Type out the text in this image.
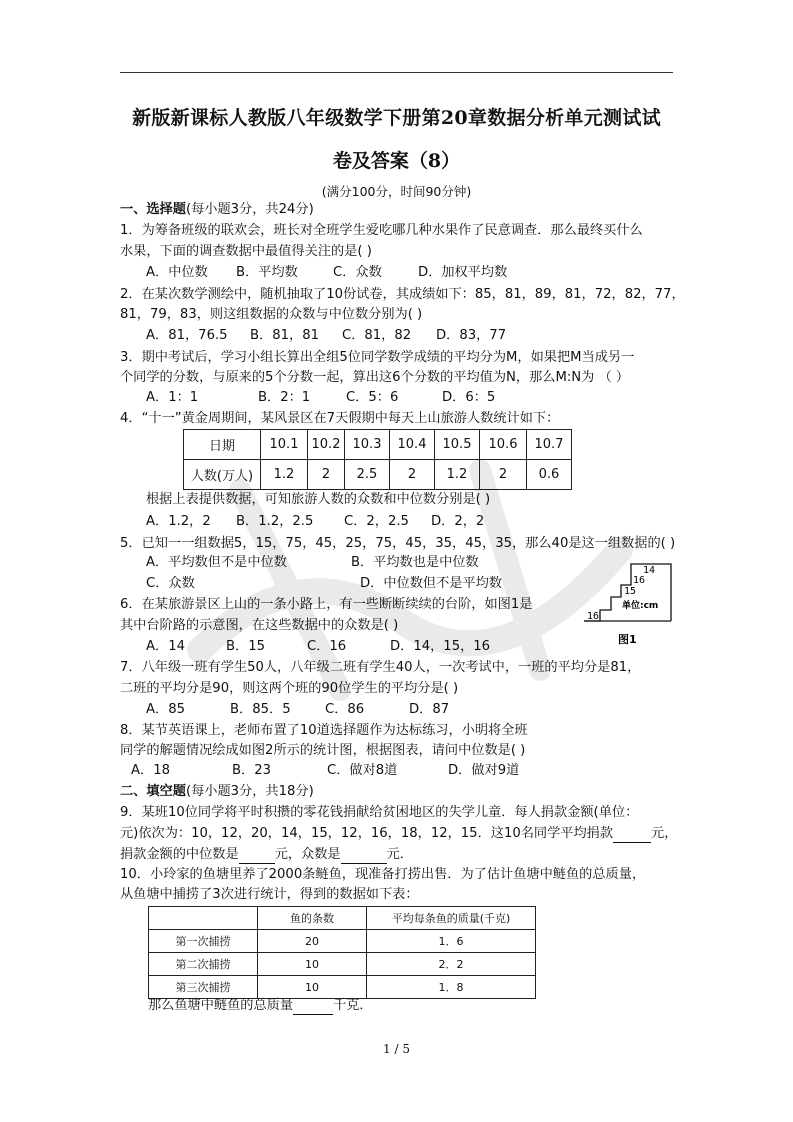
新版新课标人教版八年级数学下册第20章数据分析单元测试试
卷及答案（8）
(满分100分，时间90分钟)
一、选择题(每小题3分，共24分)
1．为筹备班级的联欢会，班长对全班学生爱吃哪几种水果作了民意调查．那么最终买什么
水果，下面的调查数据中最值得关注的是( )
A．中位数 B．平均数	C．众数	D．加权平均数
2．在某次数学测绘中，随机抽取了10份试卷，其成绩如下：85，81，89，81，72，82，77，
81，79，83，则这组数据的众数与中位数分别为( )
A．81，76.5 B．81，81 C．81，82 D．83，77
3．期中考试后，学习小组长算出全组5位同学数学成绩的平均分为M，如果把M当成另一
个同学的分数，与原来的5个分数一起，算出这6个分数的平均值为N，那么M:N为 （ ）
A．1：1	B．2：1	C．5：6	D．6：5
4．“十一”黄金周期间，某风景区在7天假期中每天上山旅游人数统计如下：
日期	10.1	10.2	10.3	10.4	10.5	10.6	10.7
人数(万人)	1.2	2	2.5	2	1.2	2	0.6
根据上表提供数据，可知旅游人数的众数和中位数分别是( )
A．1.2，2 B．1.2，2.5 C．2，2.5 D．2，2
5．已知一一组数据5，15，75，45，25，75，45，35，45，35，那么40是这一组数据的( )
A．平均数但不是中位数	B．平均数也是中位数
C．众数	D．中位数但不是平均数
14
16
15
16
单位:cm
图1
6．在某旅游景区上山的一条小路上，有一些断断续续的台阶，如图1是
其中台阶路的示意图，在这些数据中的众数是( )
A．14	B．15	C．16	D．14，15，16
7．八年级一班有学生50人，八年级二班有学生40人，一次考试中，一班的平均分是81，
二班的平均分是90，则这两个班的90位学生的平均分是( )
A．85	B．85．5	C．86	D．87
8．某节英语课上，老师布置了10道选择题作为达标练习，小明将全班
同学的解题情况绘成如图2所示的统计图，根据图表，请问中位数是( )
A．18	B．23	C．做对8道	D．做对9道
二、填空题(每小题3分，共18分)
9．某班10位同学将平时积攒的零花钱捐献给贫困地区的失学儿童．每人捐款金额(单位：
元)依次为：10，12，20，14，15，12，16，18，12，15．这10名同学平均捐款	元，
捐款金额的中位数是	元，众数是	元．
10．小玲家的鱼塘里养了2000条鲢鱼，现准备打捞出售．为了估计鱼塘中鲢鱼的总质量，
从鱼塘中捕捞了3次进行统计，得到的数据如下表：
	鱼的条数	平均每条鱼的质量(千克)
第一次捕捞	20	1．6
第二次捕捞	10	2．2
第三次捕捞	10	1．8
那么鱼塘中鲢鱼的总质量	千克．
1 / 5
